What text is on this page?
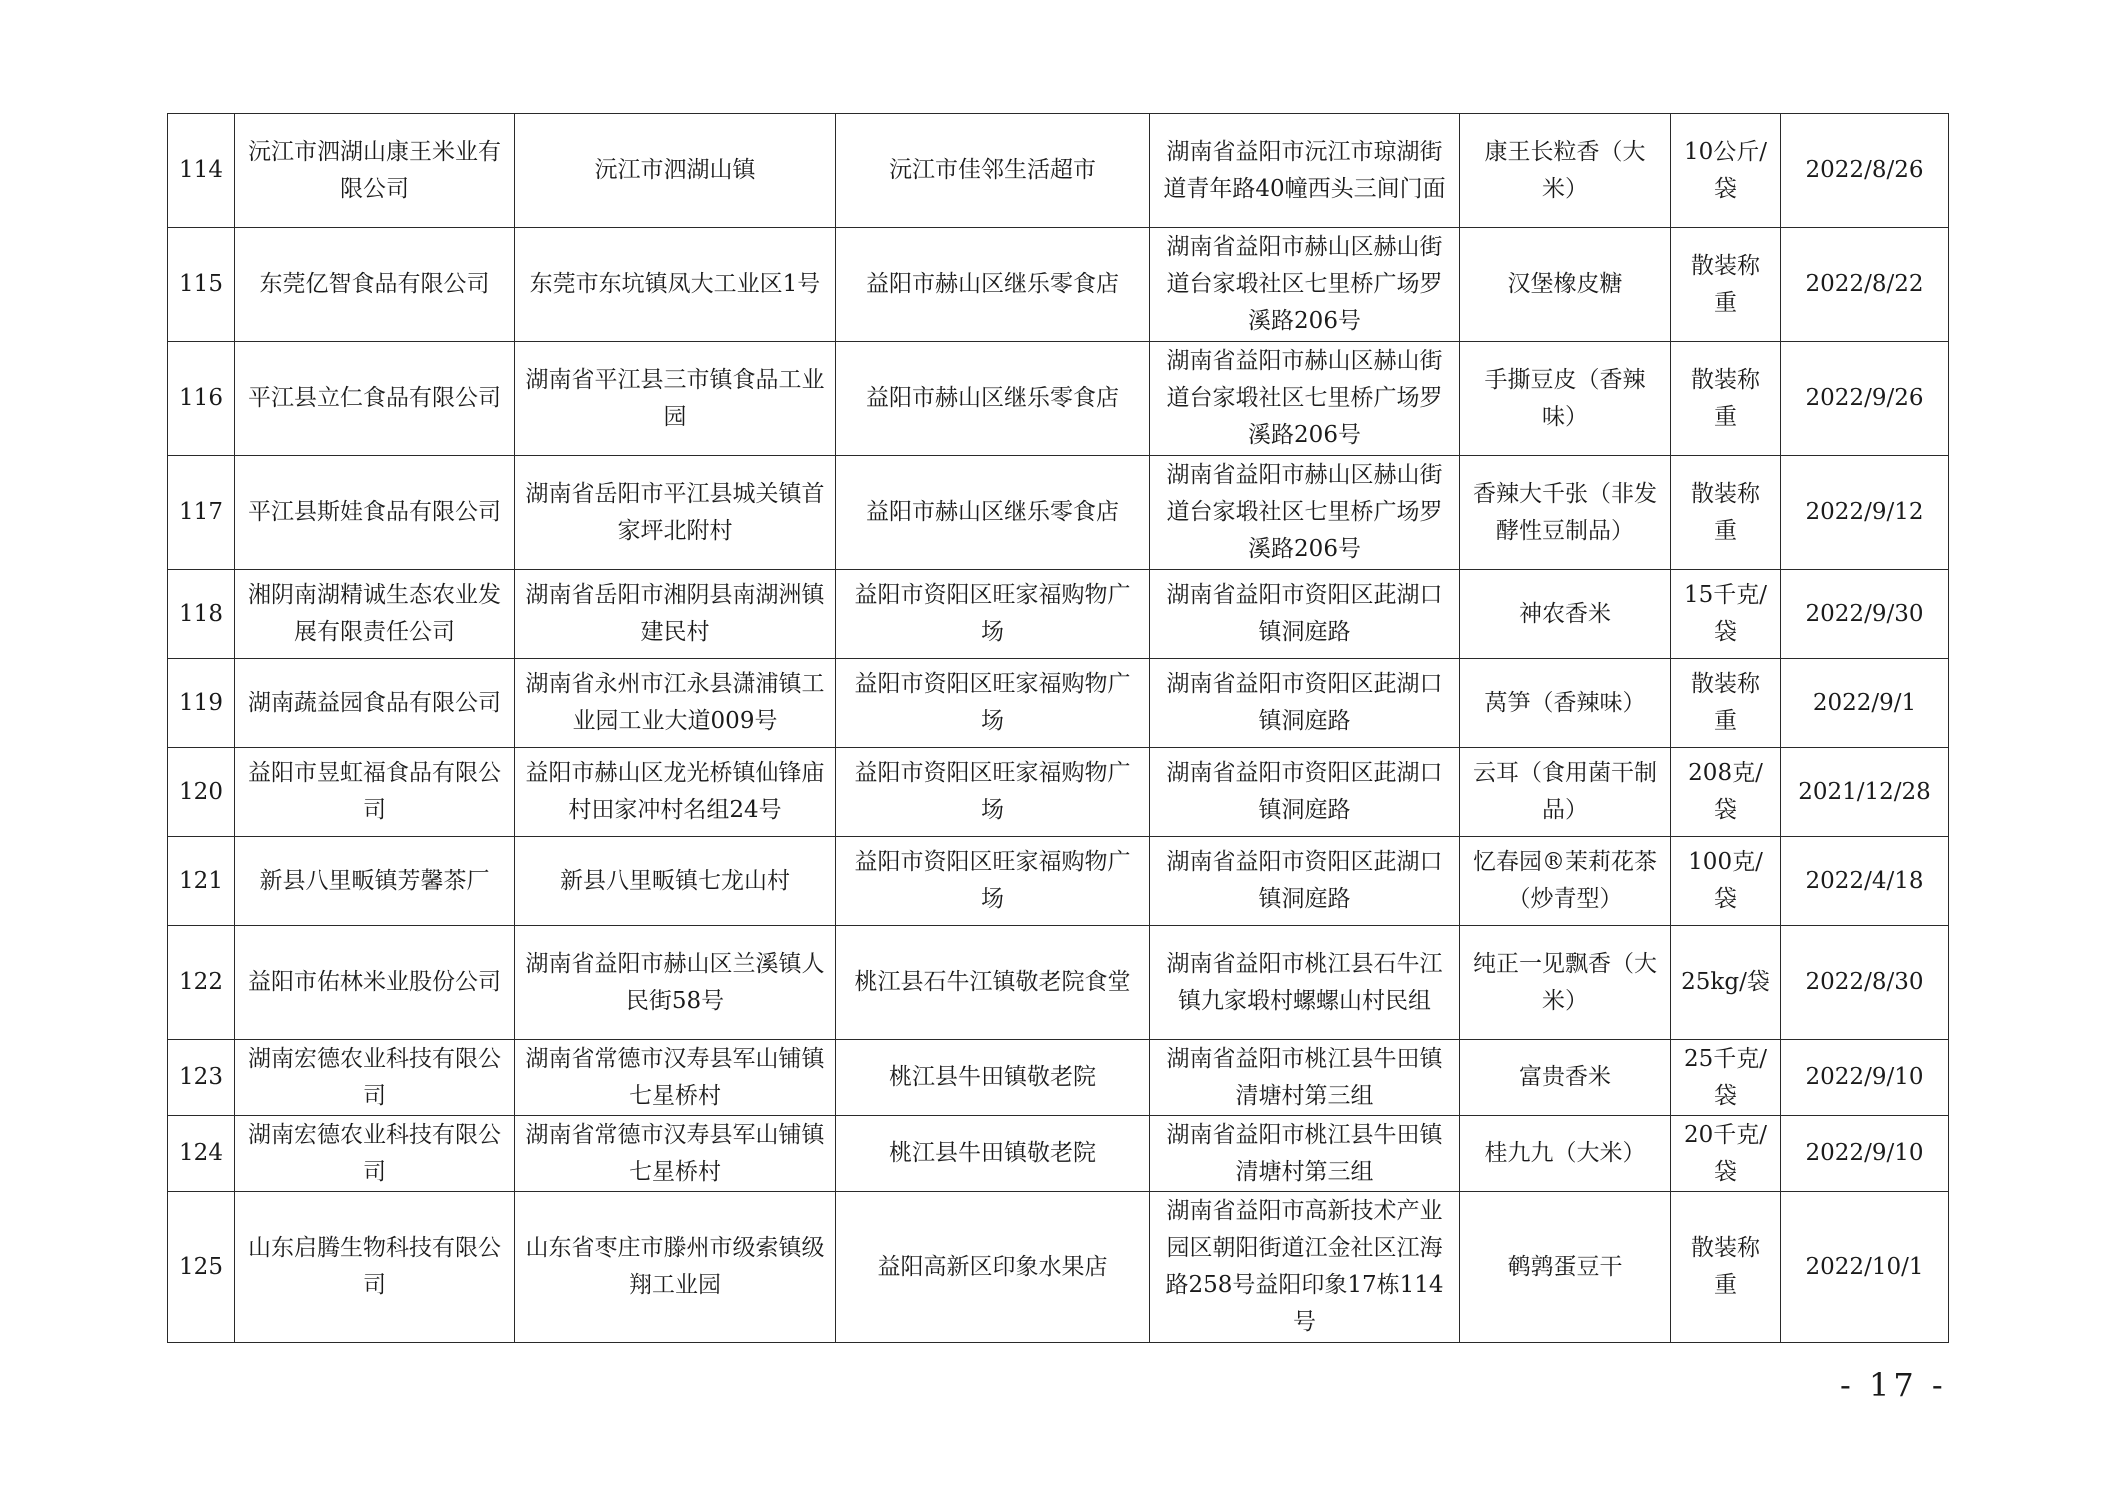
114	沅江市泗湖山康王米业有限公司	沅江市泗湖山镇	沅江市佳邻生活超市	湖南省益阳市沅江市琼湖街道青年路40幢西头三间门面	康王长粒香（大米）	10公斤/袋	2022/8/26
115	东莞亿智食品有限公司	东莞市东坑镇凤大工业区1号	益阳市赫山区继乐零食店	湖南省益阳市赫山区赫山街道台家塅社区七里桥广场罗溪路206号	汉堡橡皮糖	散装称重	2022/8/22
116	平江县立仁食品有限公司	湖南省平江县三市镇食品工业园	益阳市赫山区继乐零食店	湖南省益阳市赫山区赫山街道台家塅社区七里桥广场罗溪路206号	手撕豆皮（香辣味）	散装称重	2022/9/26
117	平江县斯娃食品有限公司	湖南省岳阳市平江县城关镇首家坪北附村	益阳市赫山区继乐零食店	湖南省益阳市赫山区赫山街道台家塅社区七里桥广场罗溪路206号	香辣大千张（非发酵性豆制品）	散装称重	2022/9/12
118	湘阴南湖精诚生态农业发展有限责任公司	湖南省岳阳市湘阴县南湖洲镇建民村	益阳市资阳区旺家福购物广场	湖南省益阳市资阳区茈湖口镇洞庭路	神农香米	15千克/袋	2022/9/30
119	湖南蔬益园食品有限公司	湖南省永州市江永县潇浦镇工业园工业大道009号	益阳市资阳区旺家福购物广场	湖南省益阳市资阳区茈湖口镇洞庭路	莴笋（香辣味）	散装称重	2022/9/1
120	益阳市昱虹福食品有限公司	益阳市赫山区龙光桥镇仙锋庙村田家冲村名组24号	益阳市资阳区旺家福购物广场	湖南省益阳市资阳区茈湖口镇洞庭路	云耳（食用菌干制品）	208克/袋	2021/12/28
121	新县八里畈镇芳馨茶厂	新县八里畈镇七龙山村	益阳市资阳区旺家福购物广场	湖南省益阳市资阳区茈湖口镇洞庭路	忆春园®茉莉花茶（炒青型）	100克/袋	2022/4/18
122	益阳市佑林米业股份公司	湖南省益阳市赫山区兰溪镇人民街58号	桃江县石牛江镇敬老院食堂	湖南省益阳市桃江县石牛江镇九家塅村螺螺山村民组	纯正一见飘香（大米）	25kg/袋	2022/8/30
123	湖南宏德农业科技有限公司	湖南省常德市汉寿县军山铺镇七星桥村	桃江县牛田镇敬老院	湖南省益阳市桃江县牛田镇清塘村第三组	富贵香米	25千克/袋	2022/9/10
124	湖南宏德农业科技有限公司	湖南省常德市汉寿县军山铺镇七星桥村	桃江县牛田镇敬老院	湖南省益阳市桃江县牛田镇清塘村第三组	桂九九（大米）	20千克/袋	2022/9/10
125	山东启腾生物科技有限公司	山东省枣庄市滕州市级索镇级翔工业园	益阳高新区印象水果店	湖南省益阳市高新技术产业园区朝阳街道江金社区江海路258号益阳印象17栋114号	鹌鹑蛋豆干	散装称重	2022/10/1
- 17 -
